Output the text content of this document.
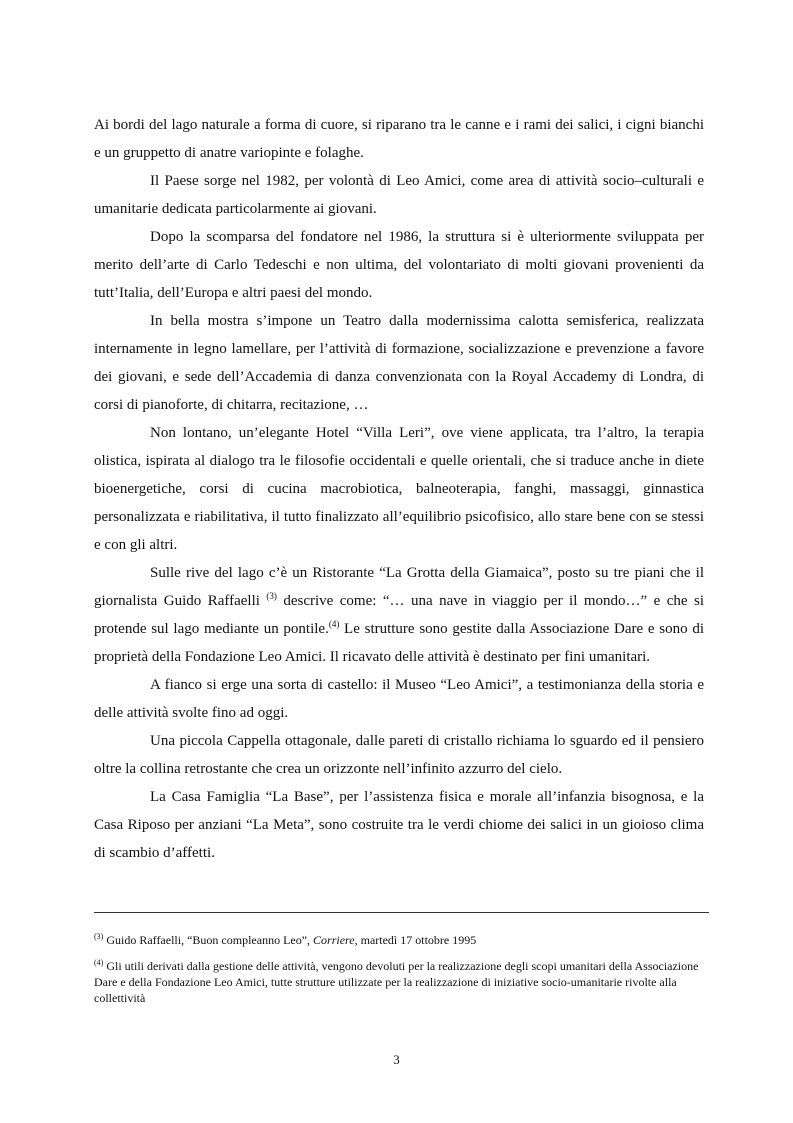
Ai bordi del lago naturale a forma di cuore, si riparano tra le canne e i rami dei salici, i cigni bianchi e un gruppetto di anatre variopinte e folaghe.

Il Paese sorge nel 1982, per volontà di Leo Amici, come area di attività socio–culturali e umanitarie dedicata particolarmente ai giovani.

Dopo la scomparsa del fondatore nel 1986, la struttura si è ulteriormente sviluppata per merito dell’arte di Carlo Tedeschi e non ultima, del volontariato di molti giovani provenienti da tutt’Italia, dell’Europa e altri paesi del mondo.

In bella mostra s’impone un Teatro dalla modernissima calotta semisferica, realizzata internamente in legno lamellare, per l’attività di formazione, socializzazione e prevenzione a favore dei giovani, e sede dell’Accademia di danza convenzionata con la Royal Accademy di Londra, di corsi di pianoforte, di chitarra, recitazione, …

Non lontano, un’elegante Hotel “Villa Leri”, ove viene applicata, tra l’altro, la terapia olistica, ispirata al dialogo tra le filosofie occidentali e quelle orientali, che si traduce anche in diete bioenergetiche, corsi di cucina macrobiotica, balneoterapia, fanghi, massaggi, ginnastica personalizzata e riabilitativa, il tutto finalizzato all’equilibrio psicofisico, allo stare bene con se stessi e con gli altri.

Sulle rive del lago c’è un Ristorante “La Grotta della Giamaica”, posto su tre piani che il giornalista Guido Raffaelli $^{(3)}$ descrive come: “… una nave in viaggio per il mondo…” e che si protende sul lago mediante un pontile.$^{(4)}$ Le strutture sono gestite dalla Associazione Dare e sono di proprietà della Fondazione Leo Amici. Il ricavato delle attività è destinato per fini umanitari.

A fianco si erge una sorta di castello: il Museo “Leo Amici”, a testimonianza della storia e delle attività svolte fino ad oggi.

Una piccola Cappella ottagonale, dalle pareti di cristallo richiama lo sguardo ed il pensiero oltre la collina retrostante che crea un orizzonte nell’infinito azzurro del cielo.

La Casa Famiglia “La Base”, per l’assistenza fisica e morale all’infanzia bisognosa, e la Casa Riposo per anziani “La Meta”, sono costruite tra le verdi chiome dei salici in un gioioso clima di scambio d’affetti.

$^{(3)}$ Guido Raffaelli, “Buon compleanno Leo”, Corriere, martedì 17 ottobre 1995

$^{(4)}$ Gli utili derivati dalla gestione delle attività, vengono devoluti per la realizzazione degli scopi umanitari della Associazione Dare e della Fondazione Leo Amici, tutte strutture utilizzate per la realizzazione di iniziative socio-umanitarie rivolte alla collettività

3
